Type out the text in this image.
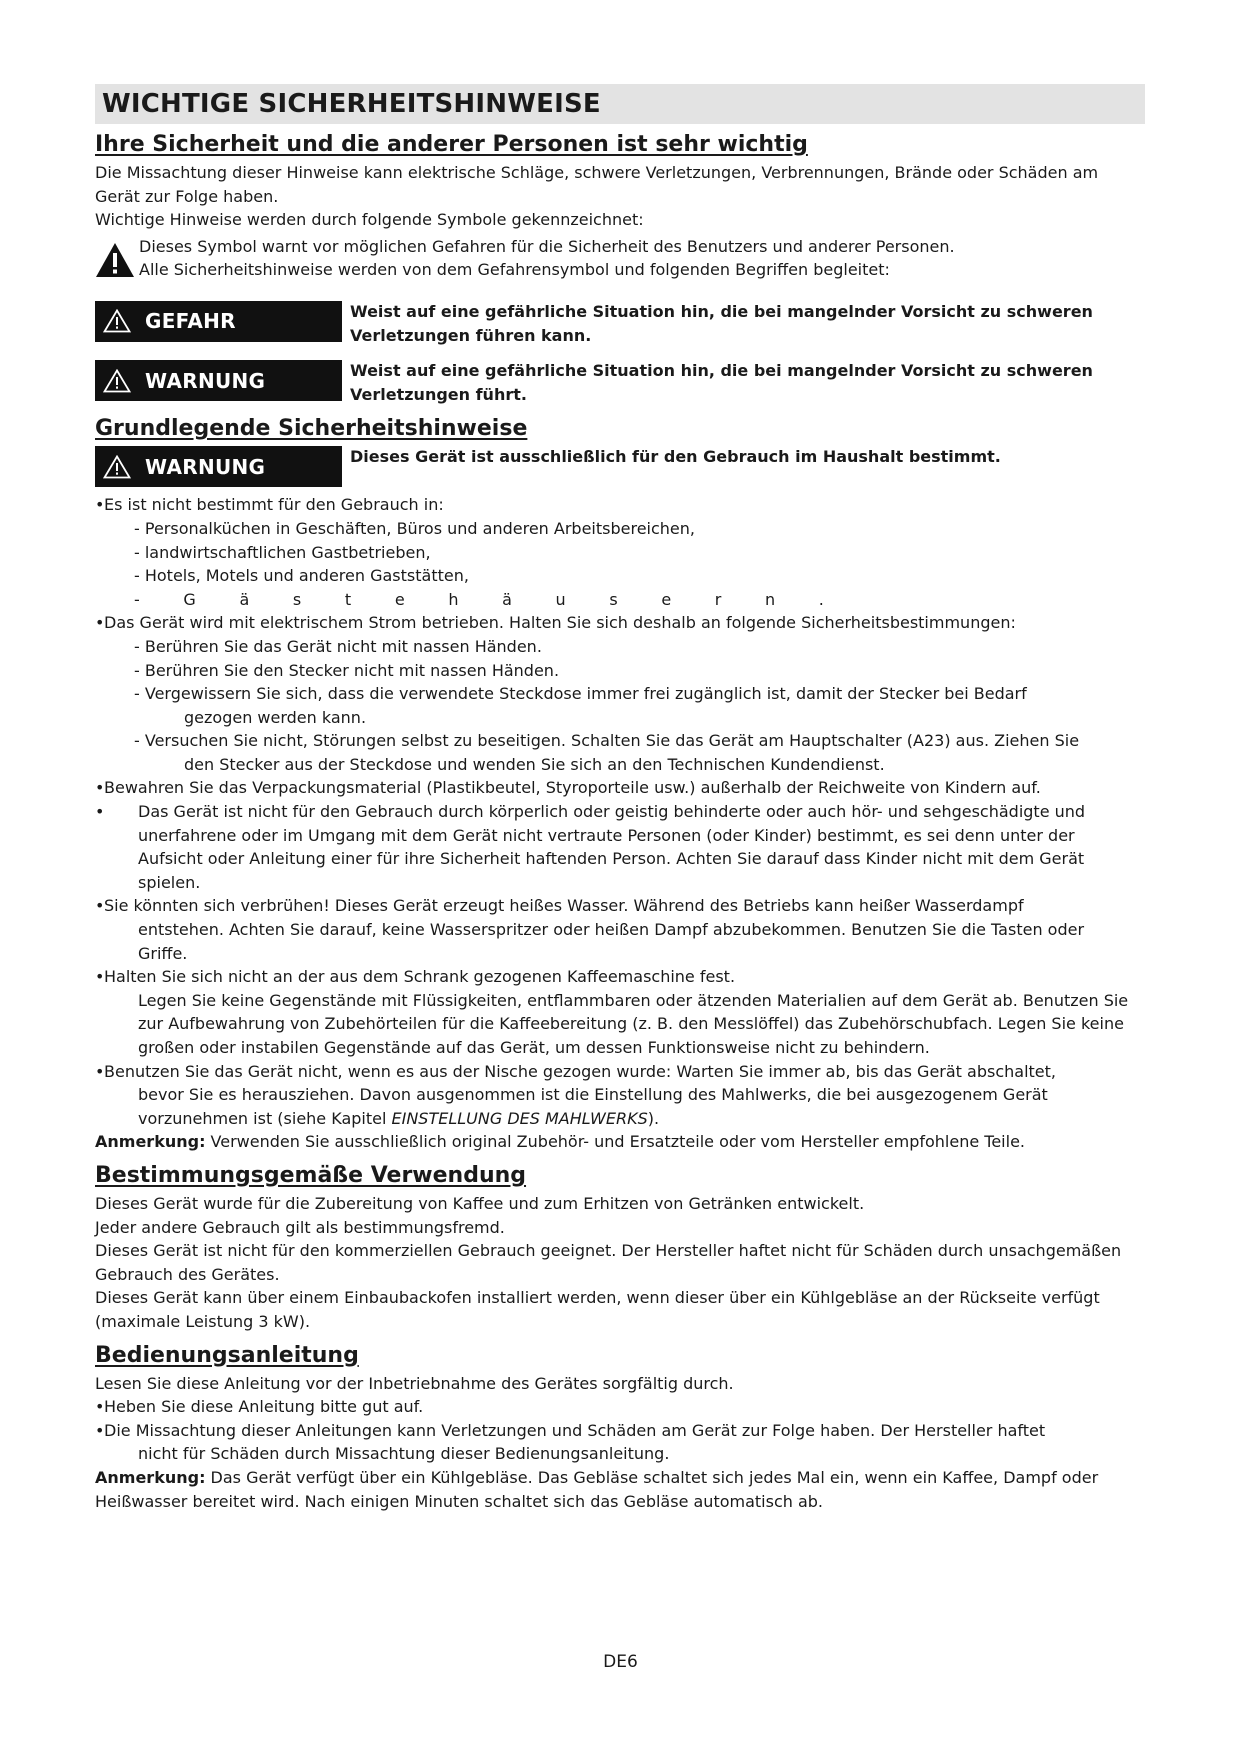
WICHTIGE SICHERHEITSHINWEISE
Ihre Sicherheit und die anderer Personen ist sehr wichtig

Die Missachtung dieser Hinweise kann elektrische Schläge, schwere Verletzungen, Verbrennungen, Brände oder Schäden am

Gerät zur Folge haben.

Wichtige Hinweise werden durch folgende Symbole gekennzeichnet:

Dieses Symbol warnt vor möglichen Gefahren für die Sicherheit des Benutzers und anderer Personen.
Alle Sicherheitshinweise werden von dem Gefahrensymbol und folgenden Begriffen begleitet:
GEFAHR	Weist auf eine gefährliche Situation hin, die bei mangelnder Vorsicht zu schweren
Verletzungen führen kann.
WARNUNG	Weist auf eine gefährliche Situation hin, die bei mangelnder Vorsicht zu schweren
Verletzungen führt.
Grundlegende Sicherheitshinweise
WARNUNG	Dieses Gerät ist ausschließlich für den Gebrauch im Haushalt bestimmt.
•Es ist nicht bestimmt für den Gebrauch in:
- Personalküchen in Geschäften, Büros und anderen Arbeitsbereichen,
- landwirtschaftlichen Gastbetrieben,
- Hotels, Motels und anderen Gaststätten,
-	G	ä	s	t	e	h	ä	u	s	e	r	n	.
•Das Gerät wird mit elektrischem Strom betrieben. Halten Sie sich deshalb an folgende Sicherheitsbestimmungen:
- Berühren Sie das Gerät nicht mit nassen Händen.
- Berühren Sie den Stecker nicht mit nassen Händen.
- Vergewissern Sie sich, dass die verwendete Steckdose immer frei zugänglich ist, damit der Stecker bei Bedarf
gezogen werden kann.
- Versuchen Sie nicht, Störungen selbst zu beseitigen. Schalten Sie das Gerät am Hauptschalter (A23) aus. Ziehen Sie
den Stecker aus der Steckdose und wenden Sie sich an den Technischen Kundendienst.
•Bewahren Sie das Verpackungsmaterial (Plastikbeutel, Styroporteile usw.) außerhalb der Reichweite von Kindern auf.
• Das Gerät ist nicht für den Gebrauch durch körperlich oder geistig behinderte oder auch hör- und sehgeschädigte und
unerfahrene oder im Umgang mit dem Gerät nicht vertraute Personen (oder Kinder) bestimmt, es sei denn unter der
Aufsicht oder Anleitung einer für ihre Sicherheit haftenden Person. Achten Sie darauf dass Kinder nicht mit dem Gerät
spielen.
•Sie könnten sich verbrühen! Dieses Gerät erzeugt heißes Wasser. Während des Betriebs kann heißer Wasserdampf
entstehen. Achten Sie darauf, keine Wasserspritzer oder heißen Dampf abzubekommen. Benutzen Sie die Tasten oder
Griffe.
•Halten Sie sich nicht an der aus dem Schrank gezogenen Kaffeemaschine fest.
Legen Sie keine Gegenstände mit Flüssigkeiten, entflammbaren oder ätzenden Materialien auf dem Gerät ab. Benutzen Sie
zur Aufbewahrung von Zubehörteilen für die Kaffeebereitung (z. B. den Messlöffel) das Zubehörschubfach. Legen Sie keine
großen oder instabilen Gegenstände auf das Gerät, um dessen Funktionsweise nicht zu behindern.
•Benutzen Sie das Gerät nicht, wenn es aus der Nische gezogen wurde: Warten Sie immer ab, bis das Gerät abschaltet,
bevor Sie es herausziehen. Davon ausgenommen ist die Einstellung des Mahlwerks, die bei ausgezogenem Gerät
vorzunehmen ist (siehe Kapitel EINSTELLUNG DES MAHLWERKS).

Anmerkung: Verwenden Sie ausschließlich original Zubehör- und Ersatzteile oder vom Hersteller empfohlene Teile.

Bestimmungsgemäße Verwendung

Dieses Gerät wurde für die Zubereitung von Kaffee und zum Erhitzen von Getränken entwickelt.

Jeder andere Gebrauch gilt als bestimmungsfremd.

Dieses Gerät ist nicht für den kommerziellen Gebrauch geeignet. Der Hersteller haftet nicht für Schäden durch unsachgemäßen

Gebrauch des Gerätes.

Dieses Gerät kann über einem Einbaubackofen installiert werden, wenn dieser über ein Kühlgebläse an der Rückseite verfügt

(maximale Leistung 3 kW).

Bedienungsanleitung

Lesen Sie diese Anleitung vor der Inbetriebnahme des Gerätes sorgfältig durch.

•Heben Sie diese Anleitung bitte gut auf.
•Die Missachtung dieser Anleitungen kann Verletzungen und Schäden am Gerät zur Folge haben. Der Hersteller haftet
nicht für Schäden durch Missachtung dieser Bedienungsanleitung.

Anmerkung: Das Gerät verfügt über ein Kühlgebläse. Das Gebläse schaltet sich jedes Mal ein, wenn ein Kaffee, Dampf oder

Heißwasser bereitet wird. Nach einigen Minuten schaltet sich das Gebläse automatisch ab.

DE6
